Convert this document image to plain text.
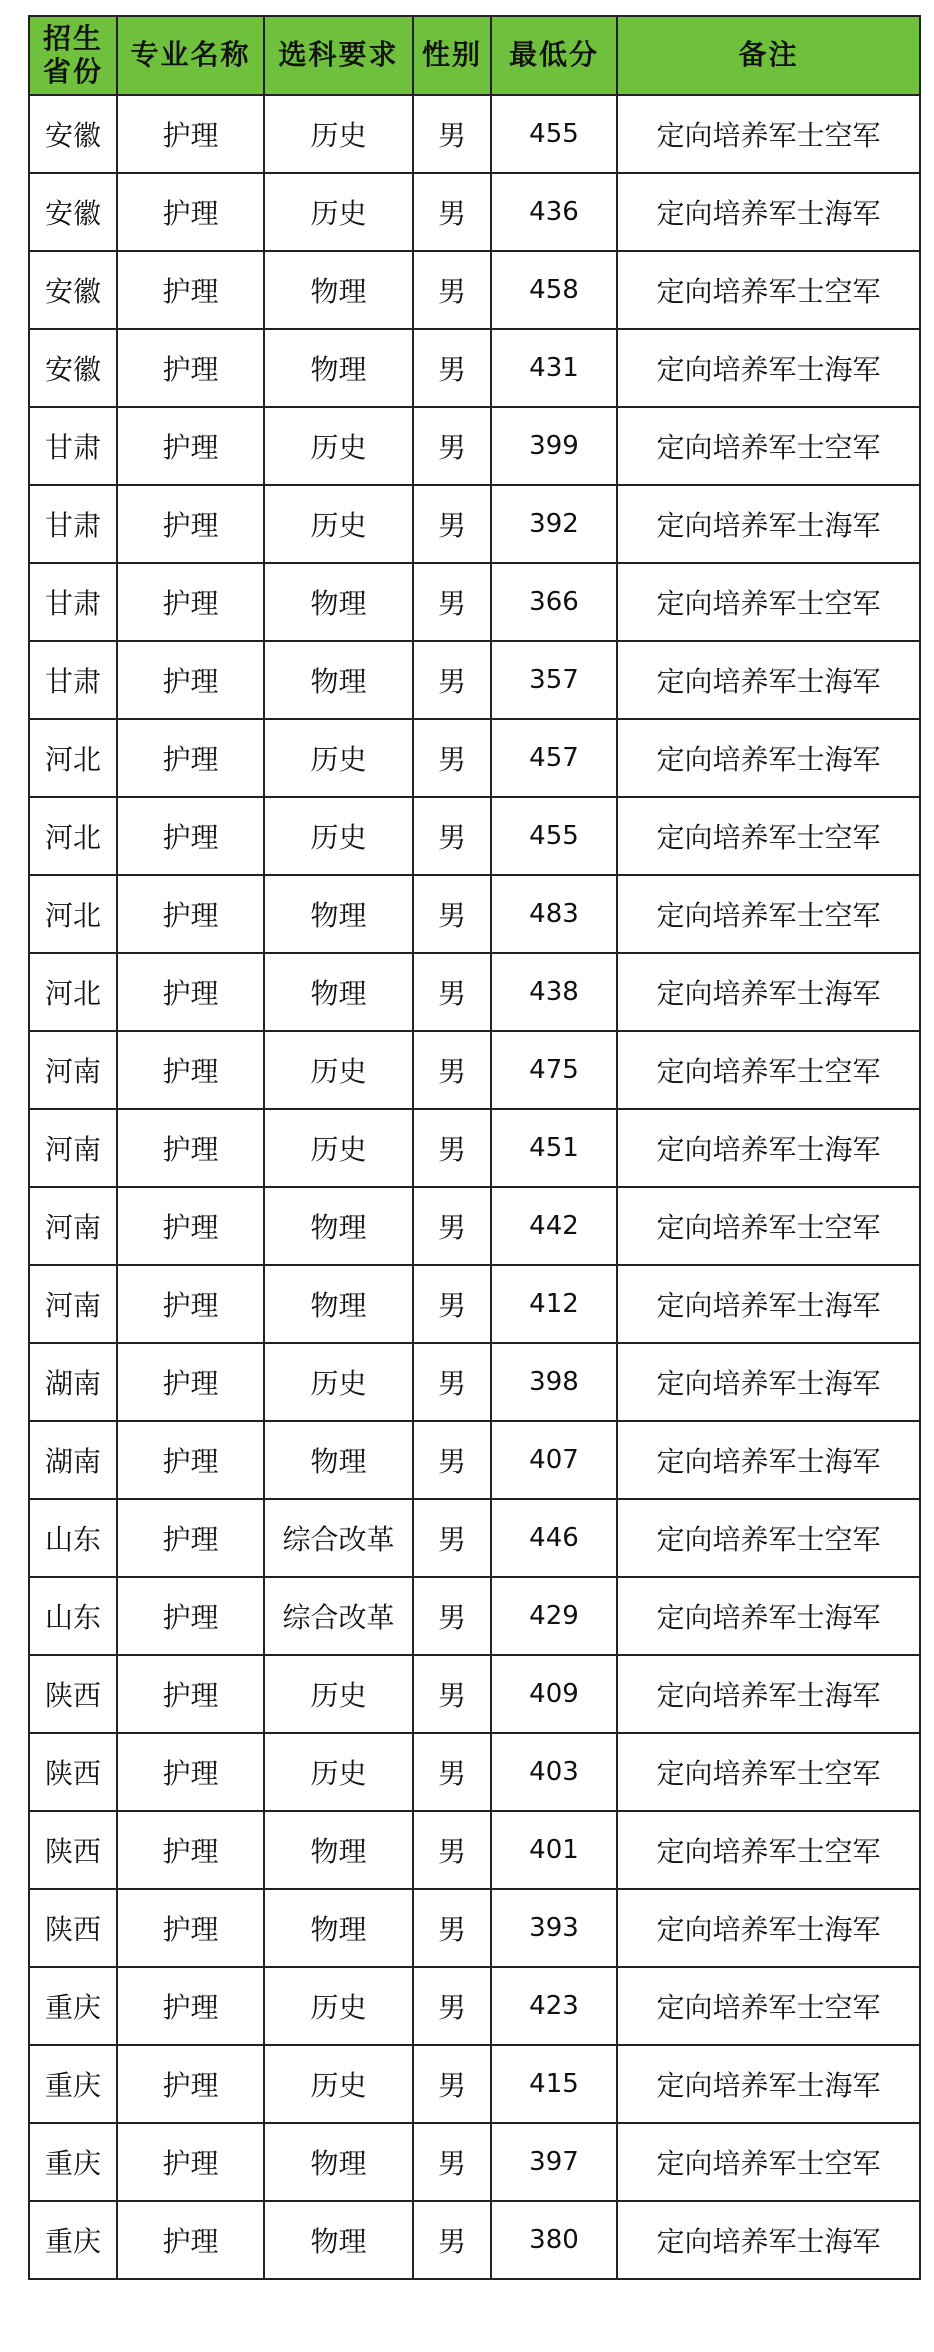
招生省份	专业名称	选科要求	性别	最低分	备注
安徽	护理	历史	男	455	定向培养军士空军
安徽	护理	历史	男	436	定向培养军士海军
安徽	护理	物理	男	458	定向培养军士空军
安徽	护理	物理	男	431	定向培养军士海军
甘肃	护理	历史	男	399	定向培养军士空军
甘肃	护理	历史	男	392	定向培养军士海军
甘肃	护理	物理	男	366	定向培养军士空军
甘肃	护理	物理	男	357	定向培养军士海军
河北	护理	历史	男	457	定向培养军士海军
河北	护理	历史	男	455	定向培养军士空军
河北	护理	物理	男	483	定向培养军士空军
河北	护理	物理	男	438	定向培养军士海军
河南	护理	历史	男	475	定向培养军士空军
河南	护理	历史	男	451	定向培养军士海军
河南	护理	物理	男	442	定向培养军士空军
河南	护理	物理	男	412	定向培养军士海军
湖南	护理	历史	男	398	定向培养军士海军
湖南	护理	物理	男	407	定向培养军士海军
山东	护理	综合改革	男	446	定向培养军士空军
山东	护理	综合改革	男	429	定向培养军士海军
陕西	护理	历史	男	409	定向培养军士海军
陕西	护理	历史	男	403	定向培养军士空军
陕西	护理	物理	男	401	定向培养军士空军
陕西	护理	物理	男	393	定向培养军士海军
重庆	护理	历史	男	423	定向培养军士空军
重庆	护理	历史	男	415	定向培养军士海军
重庆	护理	物理	男	397	定向培养军士空军
重庆	护理	物理	男	380	定向培养军士海军
